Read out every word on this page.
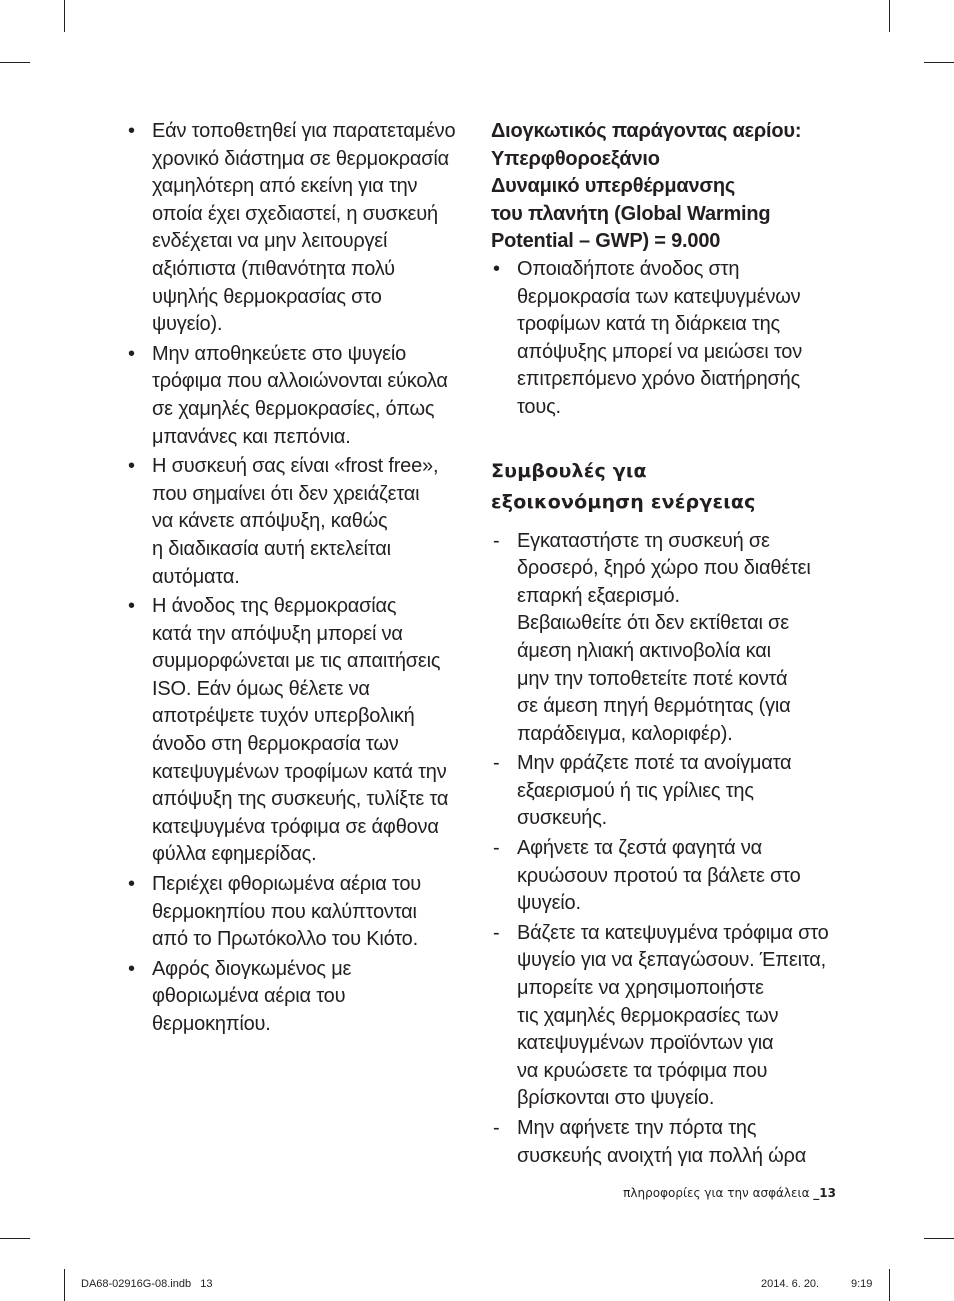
• Εάν τοποθετηθεί για παρατεταμένο
χρονικό διάστημα σε θερμοκρασία
χαμηλότερη από εκείνη για την
οποία έχει σχεδιαστεί, η συσκευή
ενδέχεται να μην λειτουργεί
αξιόπιστα (πιθανότητα πολύ
υψηλής θερμοκρασίας στο
ψυγείο).
• Μην αποθηκεύετε στο ψυγείο
τρόφιμα που αλλοιώνονται εύκολα
σε χαμηλές θερμοκρασίες, όπως
μπανάνες και πεπόνια.
• Η συσκευή σας είναι «frost free»,
που σημαίνει ότι δεν χρειάζεται
να κάνετε απόψυξη, καθώς
η διαδικασία αυτή εκτελείται
αυτόματα.
• Η άνοδος της θερμοκρασίας
κατά την απόψυξη μπορεί να
συμμορφώνεται με τις απαιτήσεις
ISO. Εάν όμως θέλετε να
αποτρέψετε τυχόν υπερβολική
άνοδο στη θερμοκρασία των
κατεψυγμένων τροφίμων κατά την
απόψυξη της συσκευής, τυλίξτε τα
κατεψυγμένα τρόφιμα σε άφθονα
φύλλα εφημερίδας.
• Περιέχει φθοριωμένα αέρια του
θερμοκηπίου που καλύπτονται
από το Πρωτόκολλο του Κιότο.
• Αφρός διογκωμένος με
φθοριωμένα αέρια του
θερμοκηπίου.
Διογκωτικός παράγοντας αερίου:
Υπερφθοροεξάνιο
Δυναμικό υπερθέρμανσης
του πλανήτη (Global Warming
Potential – GWP) = 9.000
• Οποιαδήποτε άνοδος στη
θερμοκρασία των κατεψυγμένων
τροφίμων κατά τη διάρκεια της
απόψυξης μπορεί να μειώσει τον
επιτρεπόμενο χρόνο διατήρησής
τους.
Συμβουλές για
εξοικονόμηση ενέργειας
- Εγκαταστήστε τη συσκευή σε
δροσερό, ξηρό χώρο που διαθέτει
επαρκή εξαερισμό.
Βεβαιωθείτε ότι δεν εκτίθεται σε
άμεση ηλιακή ακτινοβολία και
μην την τοποθετείτε ποτέ κοντά
σε άμεση πηγή θερμότητας (για
παράδειγμα, καλοριφέρ).
- Μην φράζετε ποτέ τα ανοίγματα
εξαερισμού ή τις γρίλιες της
συσκευής.
- Αφήνετε τα ζεστά φαγητά να
κρυώσουν προτού τα βάλετε στο
ψυγείο.
- Βάζετε τα κατεψυγμένα τρόφιμα στο
ψυγείο για να ξεπαγώσουν. Έπειτα,
μπορείτε να χρησιμοποιήστε
τις χαμηλές θερμοκρασίες των
κατεψυγμένων προϊόντων για
να κρυώσετε τα τρόφιμα που
βρίσκονται στο ψυγείο.
- Μην αφήνετε την πόρτα της
συσκευής ανοιχτή για πολλή ώρα
πληροφορίες για την ασφάλεια _13
DA68-02916G-08.indb   13	2014. 6. 20.	9:19
